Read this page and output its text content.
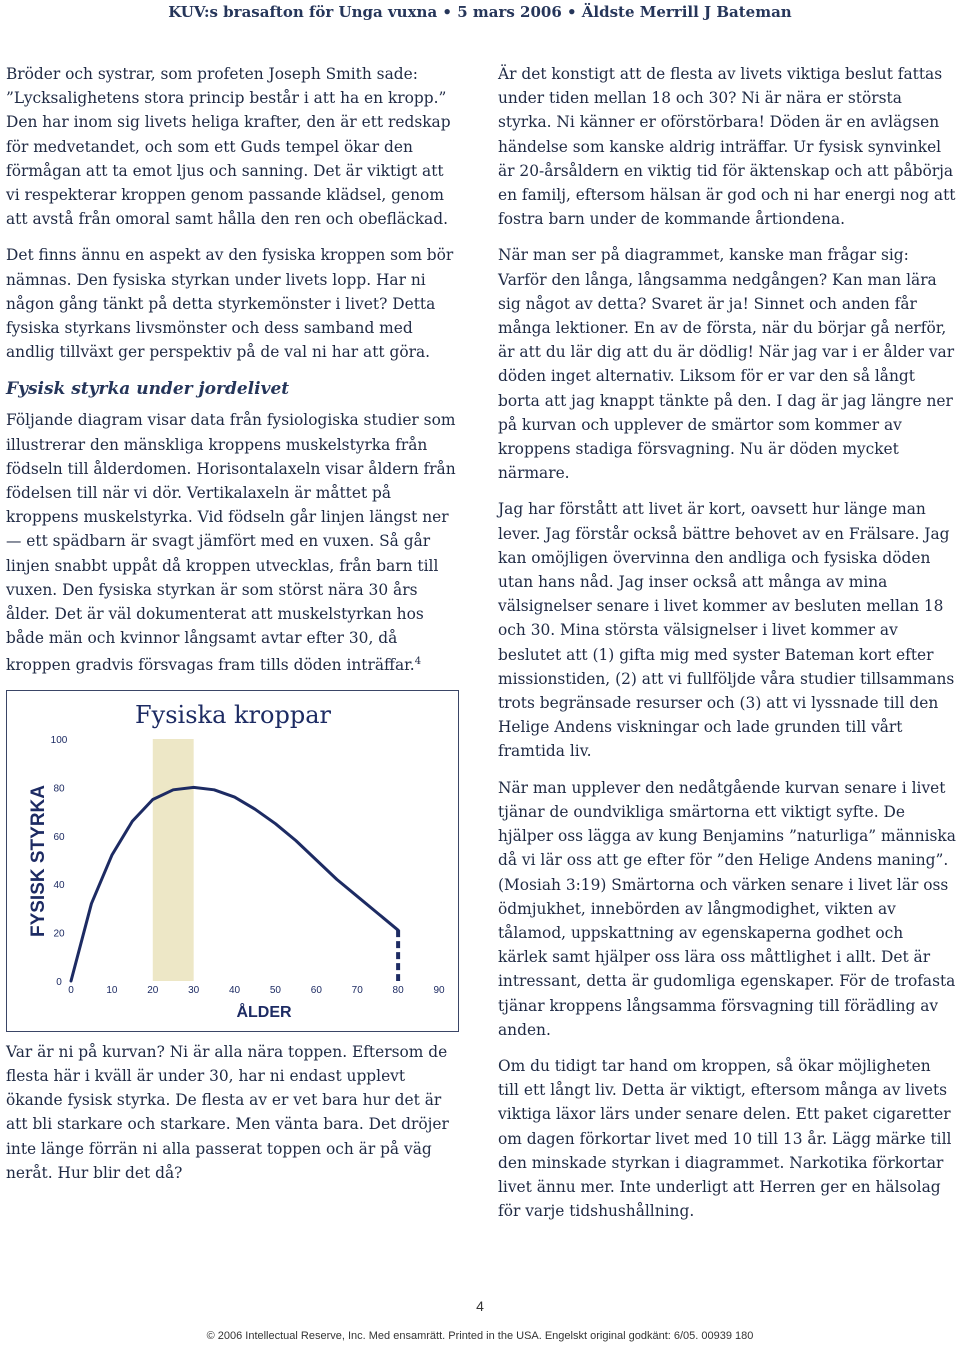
KUV:s brasafton för Unga vuxna • 5 mars 2006 • Äldste Merrill J Bateman

Bröder och systrar, som profeten Joseph Smith sade: ”Lycksalighetens stora princip består i att ha en kropp.” Den har inom sig livets heliga krafter, den är ett redskap för medvetandet, och som ett Guds tempel ökar den förmågan att ta emot ljus och sanning. Det är viktigt att vi respekterar kroppen genom passande klädsel, genom att avstå från omoral samt hålla den ren och obefläckad.

Det finns ännu en aspekt av den fysiska kroppen som bör nämnas. Den fysiska styrkan under livets lopp. Har ni någon gång tänkt på detta styrkemönster i livet? Detta fysiska styrkans livsmönster och dess samband med andlig tillväxt ger perspektiv på de val ni har att göra.

Fysisk styrka under jordelivet

Följande diagram visar data från fysiologiska studier som illustrerar den mänskliga kroppens muskelstyrka från födseln till ålderdomen. Horisontalaxeln visar åldern från födelsen till när vi dör. Vertikalaxeln är måttet på kroppens muskelstyrka. Vid födseln går linjen längst ner — ett spädbarn är svagt jämfört med en vuxen. Så går linjen snabbt uppåt då kroppen utvecklas, från barn till vuxen. Den fysiska styrkan är som störst nära 30 års ålder. Det är väl dokumenterat att muskelstyrkan hos både män och kvinnor långsamt avtar efter 30, då kroppen gradvis försvagas fram tills döden inträffar.$^4$

Fysiska kroppar
0
20
40
60
80
100
0	10	20	30	40	50	60	70	80	90
ÅLDER
FYSISK STYRKA

Var är ni på kurvan? Ni är alla nära toppen. Eftersom de flesta här i kväll är under 30, har ni endast upplevt ökande fysisk styrka. De flesta av er vet bara hur det är att bli starkare och starkare. Men vänta bara. Det dröjer inte länge förrän ni alla passerat toppen och är på väg neråt. Hur blir det då?

Är det konstigt att de flesta av livets viktiga beslut fattas under tiden mellan 18 och 30? Ni är nära er största styrka. Ni känner er oförstörbara! Döden är en avlägsen händelse som kanske aldrig inträffar. Ur fysisk synvinkel är 20-årsåldern en viktig tid för äktenskap och att påbörja en familj, eftersom hälsan är god och ni har energi nog att fostra barn under de kommande årtiondena.

När man ser på diagrammet, kanske man frågar sig: Varför den långa, långsamma nedgången? Kan man lära sig något av detta? Svaret är ja! Sinnet och anden får många lektioner. En av de första, när du börjar gå nerför, är att du lär dig att du är dödlig! När jag var i er ålder var döden inget alternativ. Liksom för er var den så långt borta att jag knappt tänkte på den. I dag är jag längre ner på kurvan och upplever de smärtor som kommer av kroppens stadiga försvagning. Nu är döden mycket närmare.

Jag har förstått att livet är kort, oavsett hur länge man lever. Jag förstår också bättre behovet av en Frälsare. Jag kan omöjligen övervinna den andliga och fysiska döden utan hans nåd. Jag inser också att många av mina välsignelser senare i livet kommer av besluten mellan 18 och 30. Mina största välsignelser i livet kommer av beslutet att (1) gifta mig med syster Bateman kort efter missionstiden, (2) att vi fullföljde våra studier tillsammans trots begränsade resurser och (3) att vi lyssnade till den Helige Andens viskningar och lade grunden till vårt framtida liv.

När man upplever den nedåtgående kurvan senare i livet tjänar de oundvikliga smärtorna ett viktigt syfte. De hjälper oss lägga av kung Benjamins ”naturliga” människa då vi lär oss att ge efter för ”den Helige Andens maning”. (Mosiah 3:19) Smärtorna och värken senare i livet lär oss ödmjukhet, innebörden av långmodighet, vikten av tålamod, uppskattning av egenskaperna godhet och kärlek samt hjälper oss lära oss måttlighet i allt. Det är intressant, detta är gudomliga egenskaper. För de trofasta tjänar kroppens långsamma försvagning till förädling av anden.

Om du tidigt tar hand om kroppen, så ökar möjligheten till ett långt liv. Detta är viktigt, eftersom många av livets viktiga läxor lärs under senare delen. Ett paket cigaretter om dagen förkortar livet med 10 till 13 år. Lägg märke till den minskade styrkan i diagrammet. Narkotika förkortar livet ännu mer. Inte underligt att Herren ger en hälsolag för varje tidshushållning.

4
© 2006 Intellectual Reserve, Inc. Med ensamrätt. Printed in the USA. Engelskt original godkänt: 6/05. 00939 180
